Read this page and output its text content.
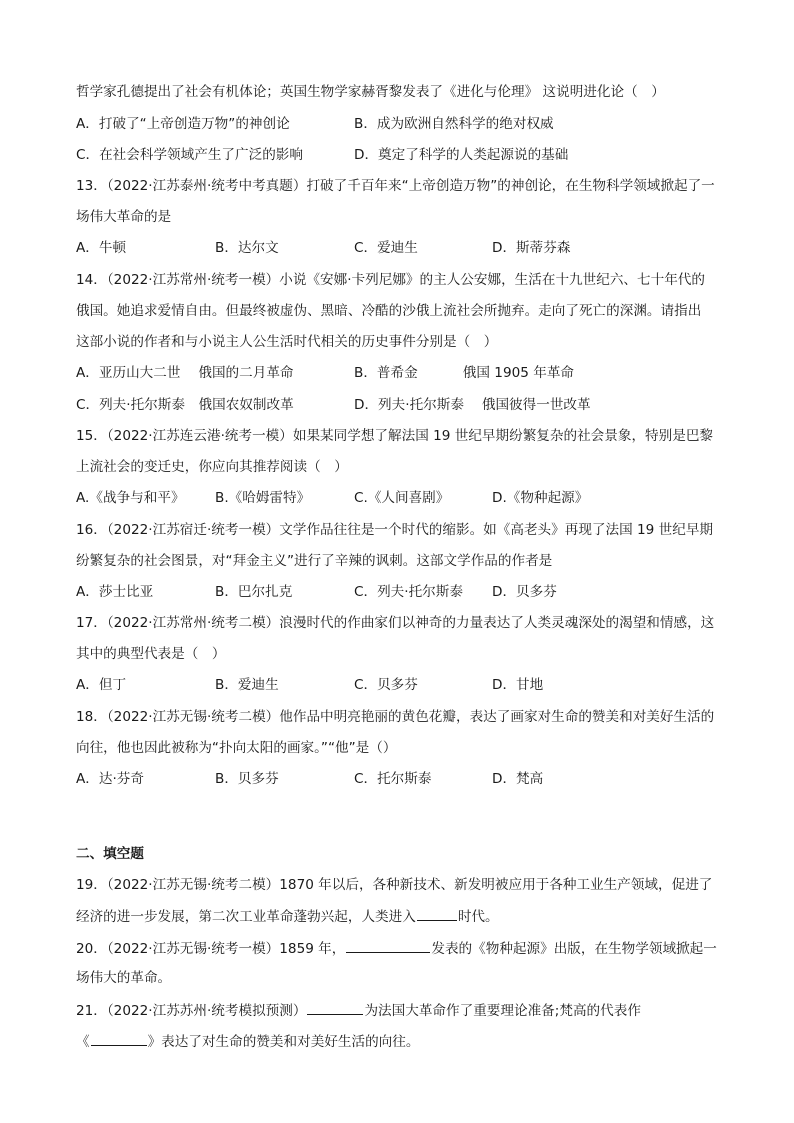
哲学家孔德提出了社会有机体论；英国生物学家赫胥黎发表了《进化与伦理》 这说明进化论（　）
A．打破了“上帝创造万物”的神创论	B．成为欧洲自然科学的绝对权威
C．在社会科学领域产生了广泛的影响	D．奠定了科学的人类起源说的基础
13．（2022·江苏泰州·统考中考真题）打破了千百年来“上帝创造万物”的神创论，在生物科学领域掀起了一
场伟大革命的是
A．牛顿	B．达尔文	C．爱迪生	D．斯蒂芬森
14．（2022·江苏常州·统考一模）小说《安娜·卡列尼娜》的主人公安娜，生活在十九世纪六、七十年代的
俄国。她追求爱情自由。但最终被虚伪、黑暗、冷酷的沙俄上流社会所抛弃。走向了死亡的深渊。请指出
这部小说的作者和与小说主人公生活时代相关的历史事件分别是（　）
A．亚历山大二世　 俄国的二月革命	B．普希金　　　 俄国 1905 年革命
C．列夫·托尔斯泰　俄国农奴制改革	D．列夫·托尔斯泰　 俄国彼得一世改革
15．（2022·江苏连云港·统考一模）如果某同学想了解法国 19 世纪早期纷繁复杂的社会景象，特别是巴黎
上流社会的变迁史，你应向其推荐阅读（　）
A.《战争与和平》 B.《哈姆雷特》	C.《人间喜剧》	D.《物种起源》
16．（2022·江苏宿迁·统考一模）文学作品往往是一个时代的缩影。如《高老头》再现了法国 19 世纪早期
纷繁复杂的社会图景，对“拜金主义”进行了辛辣的讽刺。这部文学作品的作者是
A．莎士比亚	B．巴尔扎克	C．列夫·托尔斯泰 D．贝多芬
17．（2022·江苏常州·统考二模）浪漫时代的作曲家们以神奇的力量表达了人类灵魂深处的渴望和情感，这
其中的典型代表是（　）
A．但丁	B．爱迪生	C．贝多芬	D．甘地
18．（2022·江苏无锡·统考二模）他作品中明亮艳丽的黄色花瓣，表达了画家对生命的赞美和对美好生活的
向往，他也因此被称为“扑向太阳的画家。”“他”是（）
A．达·芬奇	B．贝多芬	C．托尔斯泰	D．梵高
二、填空题
19．（2022·江苏无锡·统考二模）1870 年以后，各种新技术、新发明被应用于各种工业生产领域，促进了
经济的进一步发展，第二次工业革命蓬勃兴起，人类进入	时代。
20．（2022·江苏无锡·统考一模）1859 年，	发表的《物种起源》出版，在生物学领域掀起一
场伟大的革命。
21．（2022·江苏苏州·统考模拟预测）	为法国大革命作了重要理论准备;梵高的代表作
《	》表达了对生命的赞美和对美好生活的向往。
